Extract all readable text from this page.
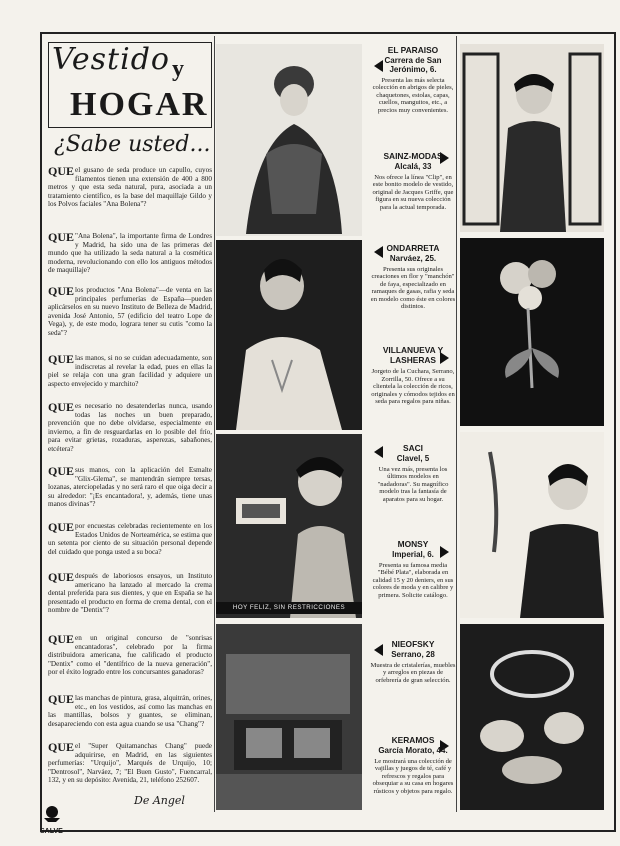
Vestido y
HOGAR
¿Sabe usted...
QUE el gusano de seda produce un capullo, cuyos filamentos tienen una extensión de 400 a 800 metros y que esta seda natural, pura, asociada a un tratamiento científico, es la base del maquillaje Gildo y los Polvos faciales "Ana Bolena"?
QUE "Ana Bolena", la importante firma de Londres y Madrid, ha sido una de las primeras del mundo que ha utilizado la seda natural a la cosmética moderna, revolucionando con ello los antiguos métodos de maquillaje?
QUE los productos "Ana Bolena"—de venta en las principales perfumerías de España—pueden aplicárselos en su nuevo Instituto de Belleza de Madrid, avenida José Antonio, 57 (edificio del teatro Lope de Vega), y, de este modo, lograra tener su cutis "como la seda"?
QUE las manos, si no se cuidan adecuadamente, son indiscretas al revelar la edad, pues en ellas la piel se relaja con una gran facilidad y adquiere un aspecto envejecido y marchito?
QUE es necesario no desatenderlas nunca, usando todas las noches un buen preparado, prevención que no debe olvidarse, especialmente en invierno, a fin de resguardarlas en lo posible del frío, para evitar grietas, rozaduras, asperezas, sabañones, etcétera?
QUE sus manos, con la aplicación del Esmalte "Glix-Glema", se mantendrán siempre tersas, lozanas, aterciopeladas y no será raro el que oiga decir a su alrededor: "¡Es encantadora!, y, además, tiene unas manos divinas"?
QUE por encuestas celebradas recientemente en los Estados Unidos de Norteamérica, se estima que un setenta por ciento de su situación personal depende del cuidado que ponga usted a su boca?
QUE después de laboriosos ensayos, un Instituto americano ha lanzado al mercado la crema dental preferida para sus dientes, y que en España se ha presentado el producto en forma de crema dental, con el nombre de "Dentix"?
QUE en un original concurso de "sonrisas encantadoras", celebrado por la firma distribuidora americana, fue calificado el producto "Dentix" como el "dentífrico de la nueva generación", por el éxito logrado entre los concursantes ganadoras?
QUE las manchas de pintura, grasa, alquitrán, orines, etc., en los vestidos, así como las manchas en las mantillas, bolsos y guantes, se eliminan, desapareciendo con esta agua cuando se usa "Chang"?
QUE el "Super Quitamanchas Chang" puede adquirirse, en Madrid, en las siguientes perfumerías: "Urquijo", Marqués de Urquijo, 10; "Dentrosol", Narváez, 7; "El Buen Gusto", Fuencarral, 132, y en su depósito: Avenida, 21, teléfono 252607.
De Angel
SALVE
HOY FELIZ, SIN RESTRICCIONES
EL PARAISO
Carrera de San Jerónimo, 6.
Presenta las más selecta colección en abrigos de pieles, chaquetones, estolas, capas, cuellos, manguitos, etc., a precios muy convenientes.
SAINZ-MODAS
Alcalá, 33
Nos ofrece la línea "Clip", en este bonito modelo de vestido, original de Jacques Griffe, que figura en su nueva colección para la actual temporada.
ONDARRETA
Narváez, 25.
Presenta sus originales creaciones en flor y "manchón" de faya, especializado en ramaques de gasas, rafia y seda en modelo como éste en colores distintos.
VILLANUEVA Y LASHERAS
Jorgeto de la Cuchara, Serrano, Zorrilla, 50. Ofrece a su clientela la colección de ricos, originales y cómodos tejidos en seda para regalos para niñas.
SACI
Clavel, 5
Una vez más, presenta los últimos modelos en "nadadoras". Su magnífico modelo tras la fantasía de aparatos para su hogar.
MONSY
Imperial, 6.
Presenta su famosa media "Bébé Plata", elaborada en calidad 15 y 20 deniers, en sus colores de moda y en calibre y primera. Solicite catálogo.
NIEOFSKY
Serrano, 28
Muestra de cristalerías, muebles y arreglos en piezas de orfebrería de gran selección.
KERAMOS
García Morato, 44.
Le mostrará una colección de vajillas y juegos de té, café y refrescos y regalos para obsequiar a su casa en hogares rústicos y objetos para regalo.
